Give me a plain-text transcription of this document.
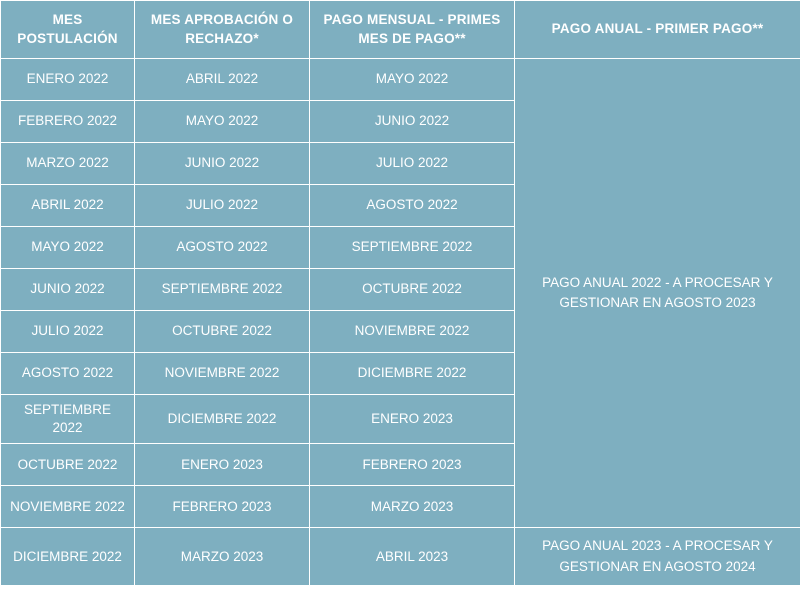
MES POSTULACIÓN	MES APROBACIÓN O RECHAZO*	PAGO MENSUAL - PRIMES MES DE PAGO**	PAGO ANUAL - PRIMER PAGO**
ENERO 2022	ABRIL 2022	MAYO 2022	PAGO ANUAL 2022 - A PROCESAR Y GESTIONAR EN AGOSTO 2023
FEBRERO 2022	MAYO 2022	JUNIO 2022	
MARZO 2022	JUNIO 2022	JULIO 2022	
ABRIL 2022	JULIO 2022	AGOSTO 2022	
MAYO 2022	AGOSTO 2022	SEPTIEMBRE 2022	
JUNIO 2022	SEPTIEMBRE 2022	OCTUBRE 2022	
JULIO 2022	OCTUBRE 2022	NOVIEMBRE 2022	
AGOSTO 2022	NOVIEMBRE 2022	DICIEMBRE 2022	
SEPTIEMBRE 2022	DICIEMBRE 2022	ENERO 2023	
OCTUBRE 2022	ENERO 2023	FEBRERO 2023	
NOVIEMBRE 2022	FEBRERO 2023	MARZO 2023	
DICIEMBRE 2022	MARZO 2023	ABRIL 2023	PAGO ANUAL 2023 - A PROCESAR Y GESTIONAR EN AGOSTO 2024
